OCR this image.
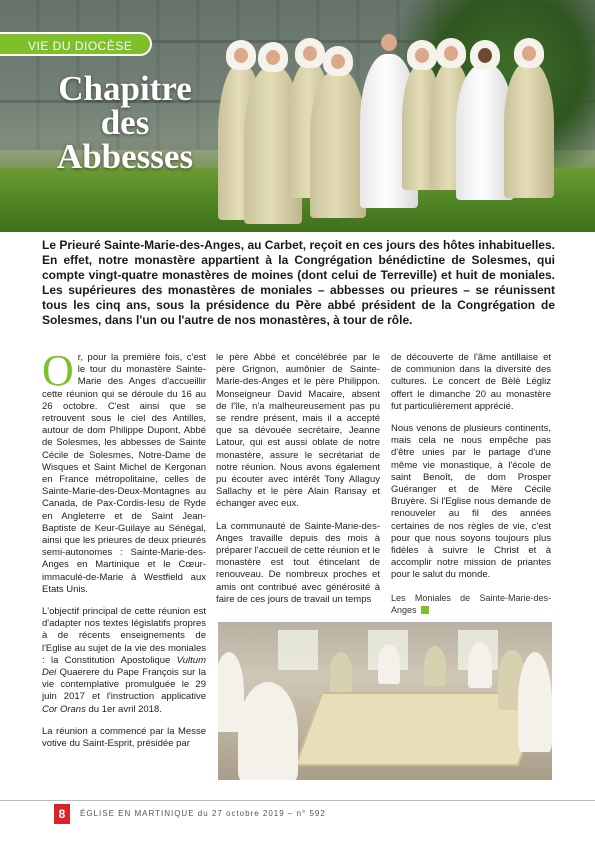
VIE DU DIOCÈSE
Chapitre
des
Abbesses
Le Prieuré Sainte-Marie-des-Anges, au Carbet, reçoit en ces jours des hôtes inhabituelles. En effet, notre monastère appartient à la Congrégation bénédictine de Solesmes, qui compte vingt-quatre monastères de moines (dont celui de Terreville) et huit de moniales. Les supérieures des monastères de moniales – abbesses ou prieures – se réunissent tous les cinq ans, sous la présidence du Père abbé président de la Congrégation de Solesmes, dans l'un ou l'autre de nos monastères, à tour de rôle.

Or, pour la première fois, c'est le tour du monastère Sainte-Marie des Anges d'accueillir cette réunion qui se déroule du 16 au 26 octobre. C'est ainsi que se retrouvent sous le ciel des Antilles, autour de dom Philippe Dupont, Abbé de Solesmes, les abbesses de Sainte Cécile de Solesmes, Notre-Dame de Wisques et Saint Michel de Kergonan en France métropolitaine, celles de Sainte-Marie-des-Deux-Montagnes au Canada, de Pax-Cordis-Iesu de Ryde en Angleterre et de Saint Jean-Baptiste de Keur-Guilaye au Sénégal, ainsi que les prieures de deux prieurés semi-autonomes : Sainte-Marie-des-Anges en Martinique et le Cœur-immaculé-de-Marie à Westfield aux Etats Unis.

L'objectif principal de cette réunion est d'adapter nos textes législatifs propres à de récents enseignements de l'Eglise au sujet de la vie des moniales : la Constitution Apostolique Vultum Dei Quaerere du Pape François sur la vie contemplative promulguée le 29 juin 2017 et l'instruction applicative Cor Orans du 1er avril 2018.

La réunion a commencé par la Messe votive du Saint-Esprit, présidée par

le père Abbé et concélébrée par le père Grignon, aumônier de Sainte-Marie-des-Anges et le père Philippon. Monseigneur David Macaire, absent de l'île, n'a malheureusement pas pu se rendre présent, mais il a accepté que sa dévouée secrétaire, Jeanne Latour, qui est aussi oblate de notre monastère, assure le secrétariat de notre réunion. Nous avons également pu écouter avec intérêt Tony Allaguy Sallachy et le père Alain Ransay et échanger avec eux.

La communauté de Sainte-Marie-des-Anges travaille depuis des mois à préparer l'accueil de cette réunion et le monastère est tout étincelant de renouveau. De nombreux proches et amis ont contribué avec générosité à faire de ces jours de travail un temps

de découverte de l'âme antillaise et de communion dans la diversité des cultures. Le concert de Bèlè Légliz offert le dimanche 20 au monastère fut particulièrement apprécié.

Nous venons de plusieurs continents, mais cela ne nous empêche pas d'être unies par le partage d'une même vie monastique, à l'école de saint Benoît, de dom Prosper Guéranger et de Mère Cécile Bruyère. Si l'Eglise nous demande de renouveler au fil des années certaines de nos règles de vie, c'est pour que nous soyons toujours plus fidèles à suivre le Christ et à accomplir notre mission de priantes pour le salut du monde.

Les Moniales de Sainte-Marie-des-Anges
8	ÉGLISE EN MARTINIQUE du 27 octobre 2019 – n° 592
